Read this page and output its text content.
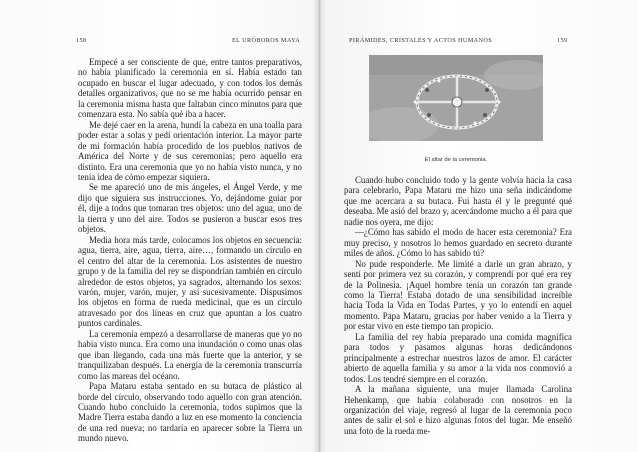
158	EL URÓBOROS MAYA

Empecé a ser consciente de que, entre tantos preparativos, no había planificado la ceremonia en sí. Había estado tan ocupado en buscar el lugar adecuado, y con todos los demás detalles organizativos, que no se me había ocurrido pensar en la ceremonia misma hasta que faltaban cinco minutos para que comenzara esta. No sabía qué iba a hacer.

Me dejé caer en la arena, hundí la cabeza en una toalla para poder estar a solas y pedí orientación interior. La mayor parte de mi formación había procedido de los pueblos nativos de América del Norte y de sus ceremonias; pero aquello era distinto. Era una ceremonia que yo no había visto nunca, y no tenía idea de cómo empezar siquiera.

Se me apareció uno de mis ángeles, el Ángel Verde, y me dijo que siguiera sus instrucciones. Yo, dejándome guiar por él, dije a todos que tomaran tres objetos: uno del agua, uno de la tierra y uno del aire. Todos se pusieron a buscar esos tres objetos.

Media hora más tarde, colocamos los objetos en secuencia: agua, tierra, aire, agua, tierra, aire…, formando un círculo en el centro del altar de la ceremonia. Los asistentes de nuestro grupo y de la familia del rey se dispondrían también en círculo alrededor de estos objetos, ya sagrados, alternando los sexos: varón, mujer, varón, mujer, y así sucesivamente. Dispusimos los objetos en forma de rueda medicinal, que es un círculo atravesado por dos líneas en cruz que apuntan a los cuatro puntos cardinales.

La ceremonia empezó a desarrollarse de maneras que yo no había visto nunca. Era como una inundación o como unas olas que iban llegando, cada una más fuerte que la anterior, y se tranquilizaban después. La energía de la ceremonia transcurría como las mareas del océano.

Papa Mataru estaba sentado en su butaca de plástico al borde del círculo, observando todo aquello con gran atención. Cuando hubo concluido la ceremonia, todos supimos que la Madre Tierra estaba dando a luz en ese momento la conciencia de una red nueva; no tardaría en aparecer sobre la Tierra un mundo nuevo.

PIRÁMIDES, CRISTALES Y ACTOS HUMANOS	159
El altar de la ceremonia.

Cuando hubo concluido todo y la gente volvía hacia la casa para celebrarlo, Papa Mataru me hizo una seña indicándome que me acercara a su butaca. Fui hasta él y le pregunté qué deseaba. Me asió del brazo y, acercándome mucho a él para que nadie nos oyera, me dijo:

—¿Cómo has sabido el modo de hacer esta ceremonia? Era muy preciso, y nosotros lo hemos guardado en secreto durante miles de años. ¿Cómo lo has sabido tú?

No pude responderle. Me limité a darle un gran abrazo, y sentí por primera vez su corazón, y comprendí por qué era rey de la Polinesia. ¡Aquel hombre tenía un corazón tan grande como la Tierra! Estaba dotado de una sensibilidad increíble hacia Toda la Vida en Todas Partes, y yo lo entendí en aquel momento. Papa Mataru, gracias por haber venido a la Tierra y por estar vivo en este tiempo tan propicio.

La familia del rey había preparado una comida magnífica para todos y pasamos algunas horas dedicándonos principalmente a estrechar nuestros lazos de amor. El carácter abierto de aquella familia y su amor a la vida nos conmovió a todos. Los tendré siempre en el corazón.

A la mañana siguiente, una mujer llamada Carolina Hehenkamp, que había colaborado con nosotros en la organización del viaje, regresó al lugar de la ceremonia poco antes de salir el sol e hizo algunas fotos del lugar. Me enseñó una foto de la rueda me-
